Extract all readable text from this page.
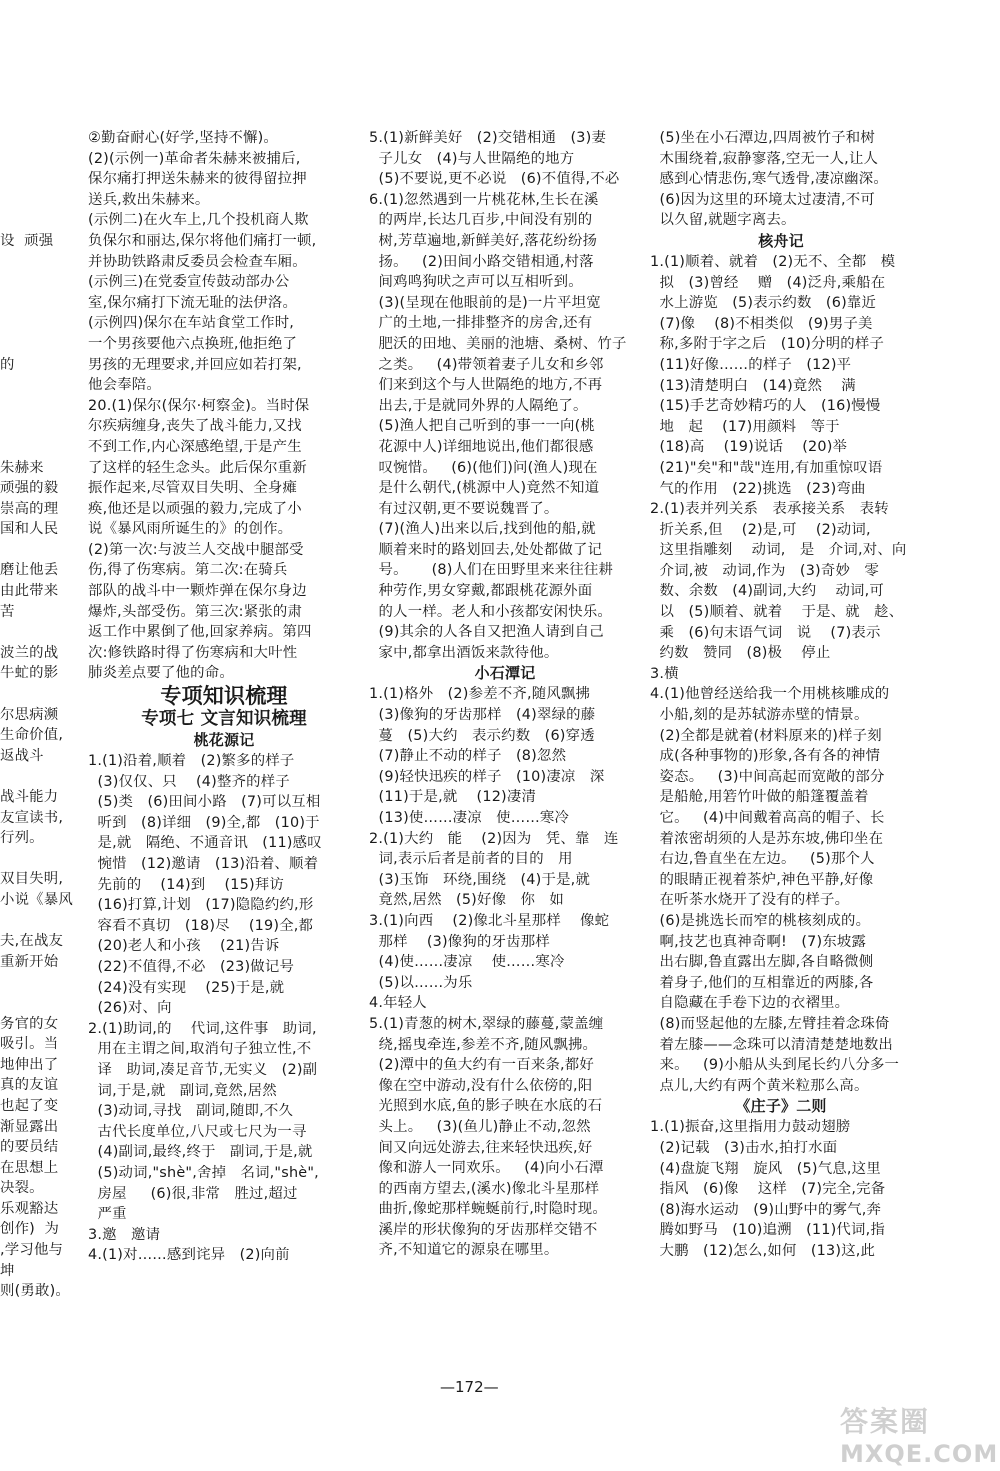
设  顽强
的
朱赫来
顽强的毅
崇高的理
国和人民
磨让他丢
由此带来
苦
波兰的战
牛虻的影
尔思病濒
生命价值,
返战斗
战斗能力
友宣读书,
行列。
双目失明,
小说《暴风
夫,在战友
重新开始
务官的女
吸引。当
地伸出了
真的友谊
也起了变
渐显露出
的要员结
在思想上
决裂。
乐观豁达
创作)  为
,学习他与
坤
则(勇敢)。
②勤奋耐心(好学,坚持不懈)。
(2)(示例一)革命者朱赫来被捕后,
保尔痛打押送朱赫来的彼得留拉押
送兵,救出朱赫来。
(示例二)在火车上,几个投机商人欺
负保尔和丽达,保尔将他们痛打一顿,
并协助铁路肃反委员会检查车厢。
(示例三)在党委宣传鼓动部办公
室,保尔痛打下流无耻的法伊洛。
(示例四)保尔在车站食堂工作时,
一个男孩要他六点换班,他拒绝了
男孩的无理要求,并回应如若打架,
他会奉陪。
20.(1)保尔(保尔·柯察金)。当时保
尔疾病缠身,丧失了战斗能力,又找
不到工作,内心深感绝望,于是产生
了这样的轻生念头。此后保尔重新
振作起来,尽管双目失明、全身瘫
痪,他还是以顽强的毅力,完成了小
说《暴风雨所诞生的》的创作。
(2)第一次:与波兰人交战中腿部受
伤,得了伤寒病。第二次:在骑兵
部队的战斗中一颗炸弹在保尔身边
爆炸,头部受伤。第三次:紧张的肃
返工作中累倒了他,回家养病。第四
次:修铁路时得了伤寒病和大叶性
肺炎差点要了他的命。
专项知识梳理
专项七 文言知识梳理
桃花源记
1.(1)沿着,顺着   (2)繁多的样子
(3)仅仅、只    (4)整齐的样子
(5)类   (6)田间小路   (7)可以互相
听到   (8)详细   (9)全,都   (10)于
是,就   隔绝、不通音讯   (11)感叹
惋惜   (12)邀请   (13)沿着、顺着
先前的    (14)到    (15)拜访
(16)打算,计划   (17)隐隐约约,形
容看不真切   (18)尽    (19)全,都
(20)老人和小孩    (21)告诉
(22)不值得,不必   (23)做记号
(24)没有实现    (25)于是,就
(26)对、向
2.(1)助词,的    代词,这件事   助词,
用在主谓之间,取消句子独立性,不
译   助词,凑足音节,无实义   (2)副
词,于是,就   副词,竟然,居然
(3)动词,寻找   副词,随即,不久
古代长度单位,八尺或七尺为一寻
(4)副词,最终,终于   副词,于是,就
(5)动词,"shè",舍掉   名词,"shè",
房屋     (6)很,非常   胜过,超过
严重
3.邀   邀请
4.(1)对……感到诧异   (2)向前
5.(1)新鲜美好   (2)交错相通   (3)妻
子儿女   (4)与人世隔绝的地方
(5)不要说,更不必说   (6)不值得,不必
6.(1)忽然遇到一片桃花林,生长在溪
的两岸,长达几百步,中间没有别的
树,芳草遍地,新鲜美好,落花纷纷扬
扬。   (2)田间小路交错相通,村落
间鸡鸣狗吠之声可以互相听到。
(3)(呈现在他眼前的是)一片平坦宽
广的土地,一排排整齐的房舍,还有
肥沃的田地、美丽的池塘、桑树、竹子
之类。   (4)带领着妻子儿女和乡邻
们来到这个与人世隔绝的地方,不再
出去,于是就同外界的人隔绝了。
(5)渔人把自己听到的事一一向(桃
花源中人)详细地说出,他们都很感
叹惋惜。   (6)(他们)问(渔人)现在
是什么朝代,(桃源中人)竟然不知道
有过汉朝,更不要说魏晋了。
(7)(渔人)出来以后,找到他的船,就
顺着来时的路划回去,处处都做了记
号。     (8)人们在田野里来来往往耕
种劳作,男女穿戴,都跟桃花源外面
的人一样。老人和小孩都安闲快乐。
(9)其余的人各自又把渔人请到自己
家中,都拿出酒饭来款待他。
小石潭记
1.(1)格外   (2)参差不齐,随风飘拂
(3)像狗的牙齿那样   (4)翠绿的藤
蔓   (5)大约   表示约数   (6)穿透
(7)静止不动的样子   (8)忽然
(9)轻快迅疾的样子   (10)凄凉   深
(11)于是,就    (12)凄清
(13)使……凄凉   使……寒冷
2.(1)大约   能    (2)因为   凭、靠   连
词,表示后者是前者的目的   用
(3)玉饰   环绕,围绕   (4)于是,就
竟然,居然   (5)好像   你   如
3.(1)向西    (2)像北斗星那样    像蛇
那样    (3)像狗的牙齿那样
(4)使……凄凉    使……寒冷
(5)以……为乐
4.年轻人
5.(1)青葱的树木,翠绿的藤蔓,蒙盖缠
绕,摇曳牵连,参差不齐,随风飘拂。
(2)潭中的鱼大约有一百来条,都好
像在空中游动,没有什么依傍的,阳
光照到水底,鱼的影子映在水底的石
头上。   (3)(鱼儿)静止不动,忽然
间又向远处游去,往来轻快迅疾,好
像和游人一同欢乐。   (4)向小石潭
的西南方望去,(溪水)像北斗星那样
曲折,像蛇那样蜿蜒前行,时隐时现。
溪岸的形状像狗的牙齿那样交错不
齐,不知道它的源泉在哪里。
(5)坐在小石潭边,四周被竹子和树
木围绕着,寂静寥落,空无一人,让人
感到心情悲伤,寒气透骨,凄凉幽深。
(6)因为这里的环境太过凄清,不可
以久留,就题字离去。
核舟记
1.(1)顺着、就着   (2)无不、全都   模
拟   (3)曾经    赠   (4)泛舟,乘船在
水上游览   (5)表示约数   (6)靠近
(7)像    (8)不相类似   (9)男子美
称,多附于字之后   (10)分明的样子
(11)好像……的样子   (12)平
(13)清楚明白   (14)竟然    满
(15)手艺奇妙精巧的人   (16)慢慢
地   起    (17)用颜料   等于
(18)高    (19)说话    (20)举
(21)"矣"和"哉"连用,有加重惊叹语
气的作用   (22)挑选   (23)弯曲
2.(1)表并列关系   表承接关系   表转
折关系,但    (2)是,可    (2)动词,
这里指雕刻    动词,   是   介词,对、向
介词,被   动词,作为   (3)奇妙   零
数、余数   (4)副词,大约    动词,可
以   (5)顺着、就着    于是、就   趁、
乘   (6)句末语气词   说    (7)表示
约数   赞同   (8)极    停止
3.横
4.(1)他曾经送给我一个用桃核雕成的
小船,刻的是苏轼游赤壁的情景。
(2)全都是就着(材料原来的)样子刻
成(各种事物的)形象,各有各的神情
姿态。   (3)中间高起而宽敞的部分
是船舱,用箬竹叶做的船篷覆盖着
它。   (4)中间戴着高高的帽子、长
着浓密胡须的人是苏东坡,佛印坐在
右边,鲁直坐在左边。   (5)那个人
的眼睛正视着茶炉,神色平静,好像
在听茶水烧开了没有的样子。
(6)是挑选长而窄的桃核刻成的。
啊,技艺也真神奇啊!   (7)东坡露
出右脚,鲁直露出左脚,各自略微侧
着身子,他们的互相靠近的两膝,各
自隐藏在手卷下边的衣褶里。
(8)而竖起他的左膝,左臂挂着念珠倚
着左膝——念珠可以清清楚楚地数出
来。   (9)小船从头到尾长约八分多一
点儿,大约有两个黄米粒那么高。
《庄子》二则
1.(1)振奋,这里指用力鼓动翅膀
(2)记载   (3)击水,拍打水面
(4)盘旋飞翔   旋风   (5)气息,这里
指风   (6)像    这样   (7)完全,完备
(8)海水运动   (9)山野中的雾气,奔
腾如野马   (10)追溯   (11)代词,指
大鹏   (12)怎么,如何   (13)这,此
—172—
答案圈
MXQE.COM
